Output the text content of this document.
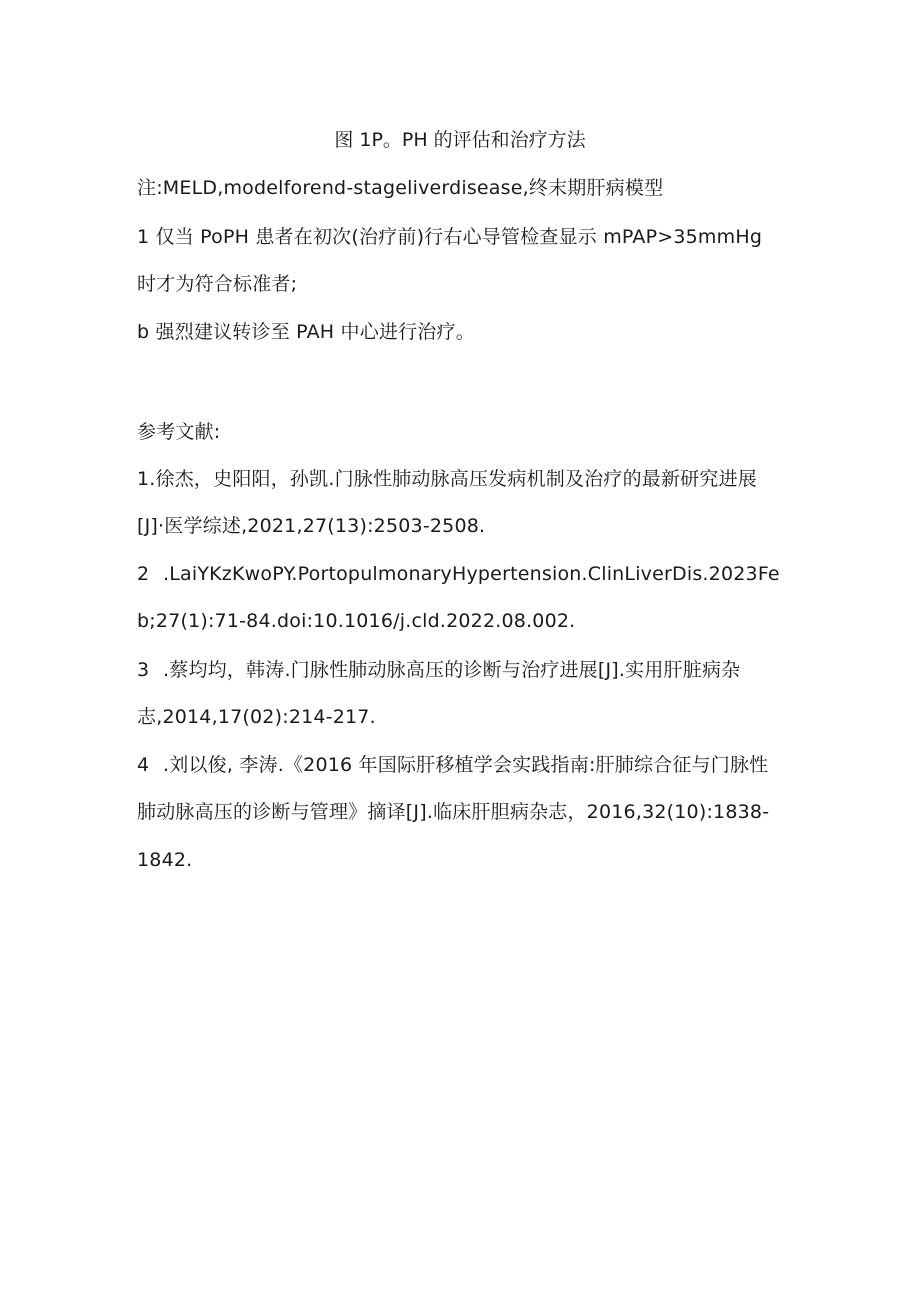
图 1P。PH 的评估和治疗方法
注:MELD,modelforend-stageliverdisease,终末期肝病模型
1 仅当 PoPH 患者在初次(治疗前)行右心导管检查显示 mPAP>35mmHg
时才为符合标准者;
b 强烈建议转诊至 PAH 中心进行治疗。
参考文献:
1.徐杰，史阳阳，孙凯.门脉性肺动脉高压发病机制及治疗的最新研究进展
[J]·医学综述,2021,27(13):2503-2508.
2 .LaiYKzKwoPY.PortopulmonaryHypertension.ClinLiverDis.2023Fe
b;27(1):71-84.doi:10.1016/j.cld.2022.08.002.
3 .蔡均均，韩涛.门脉性肺动脉高压的诊断与治疗进展[J].实用肝脏病杂
志,2014,17(02):214-217.
4 .刘以俊, 李涛.《2016 年国际肝移植学会实践指南:肝肺综合征与门脉性
肺动脉高压的诊断与管理》摘译[J].临床肝胆病杂志，2016,32(10):1838-
1842.
